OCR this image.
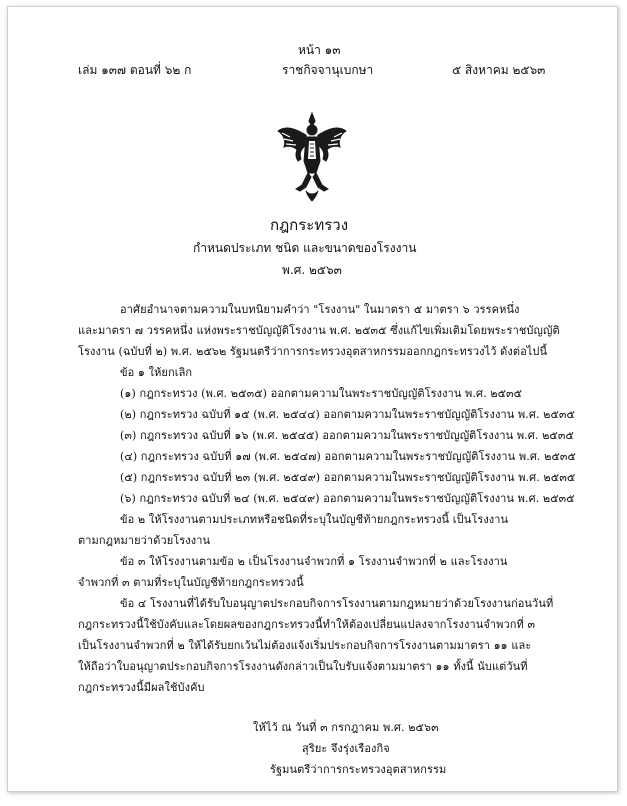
หน้า ๑๓
เล่ม ๑๓๗ ตอนที่ ๖๒ ก	ราชกิจจานุเบกษา	๕ สิงหาคม ๒๕๖๓
กฎกระทรวง
กำหนดประเภท ชนิด และขนาดของโรงงาน
พ.ศ. ๒๕๖๓
อาศัยอำนาจตามความในบทนิยามคำว่า "โรงงาน" ในมาตรา ๕ มาตรา ๖ วรรคหนึ่ง
และมาตรา ๗ วรรคหนึ่ง แห่งพระราชบัญญัติโรงงาน พ.ศ. ๒๕๓๕ ซึ่งแก้ไขเพิ่มเติมโดยพระราชบัญญัติ
โรงงาน (ฉบับที่ ๒) พ.ศ. ๒๕๖๒ รัฐมนตรีว่าการกระทรวงอุตสาหกรรมออกกฎกระทรวงไว้ ดังต่อไปนี้
ข้อ ๑ ให้ยกเลิก
(๑) กฎกระทรวง (พ.ศ. ๒๕๓๕) ออกตามความในพระราชบัญญัติโรงงาน พ.ศ. ๒๕๓๕
(๒) กฎกระทรวง ฉบับที่ ๑๕ (พ.ศ. ๒๕๔๔) ออกตามความในพระราชบัญญัติโรงงาน พ.ศ. ๒๕๓๕
(๓) กฎกระทรวง ฉบับที่ ๑๖ (พ.ศ. ๒๕๔๕) ออกตามความในพระราชบัญญัติโรงงาน พ.ศ. ๒๕๓๕
(๔) กฎกระทรวง ฉบับที่ ๑๗ (พ.ศ. ๒๕๔๗) ออกตามความในพระราชบัญญัติโรงงาน พ.ศ. ๒๕๓๕
(๕) กฎกระทรวง ฉบับที่ ๒๓ (พ.ศ. ๒๕๔๙) ออกตามความในพระราชบัญญัติโรงงาน พ.ศ. ๒๕๓๕
(๖) กฎกระทรวง ฉบับที่ ๒๔ (พ.ศ. ๒๕๔๙) ออกตามความในพระราชบัญญัติโรงงาน พ.ศ. ๒๕๓๕
ข้อ ๒ ให้โรงงานตามประเภทหรือชนิดที่ระบุในบัญชีท้ายกฎกระทรวงนี้ เป็นโรงงาน
ตามกฎหมายว่าด้วยโรงงาน
ข้อ ๓ ให้โรงงานตามข้อ ๒ เป็นโรงงานจำพวกที่ ๑ โรงงานจำพวกที่ ๒ และโรงงาน
จำพวกที่ ๓ ตามที่ระบุในบัญชีท้ายกฎกระทรวงนี้
ข้อ ๔ โรงงานที่ได้รับใบอนุญาตประกอบกิจการโรงงานตามกฎหมายว่าด้วยโรงงานก่อนวันที่
กฎกระทรวงนี้ใช้บังคับและโดยผลของกฎกระทรวงนี้ทำให้ต้องเปลี่ยนแปลงจากโรงงานจำพวกที่ ๓
เป็นโรงงานจำพวกที่ ๒ ให้ได้รับยกเว้นไม่ต้องแจ้งเริ่มประกอบกิจการโรงงานตามมาตรา ๑๑ และ
ให้ถือว่าใบอนุญาตประกอบกิจการโรงงานดังกล่าวเป็นใบรับแจ้งตามมาตรา ๑๑ ทั้งนี้ นับแต่วันที่
กฎกระทรวงนี้มีผลใช้บังคับ
ให้ไว้ ณ วันที่ ๓ กรกฎาคม พ.ศ. ๒๕๖๓
สุริยะ จึงรุ่งเรืองกิจ
รัฐมนตรีว่าการกระทรวงอุตสาหกรรม
